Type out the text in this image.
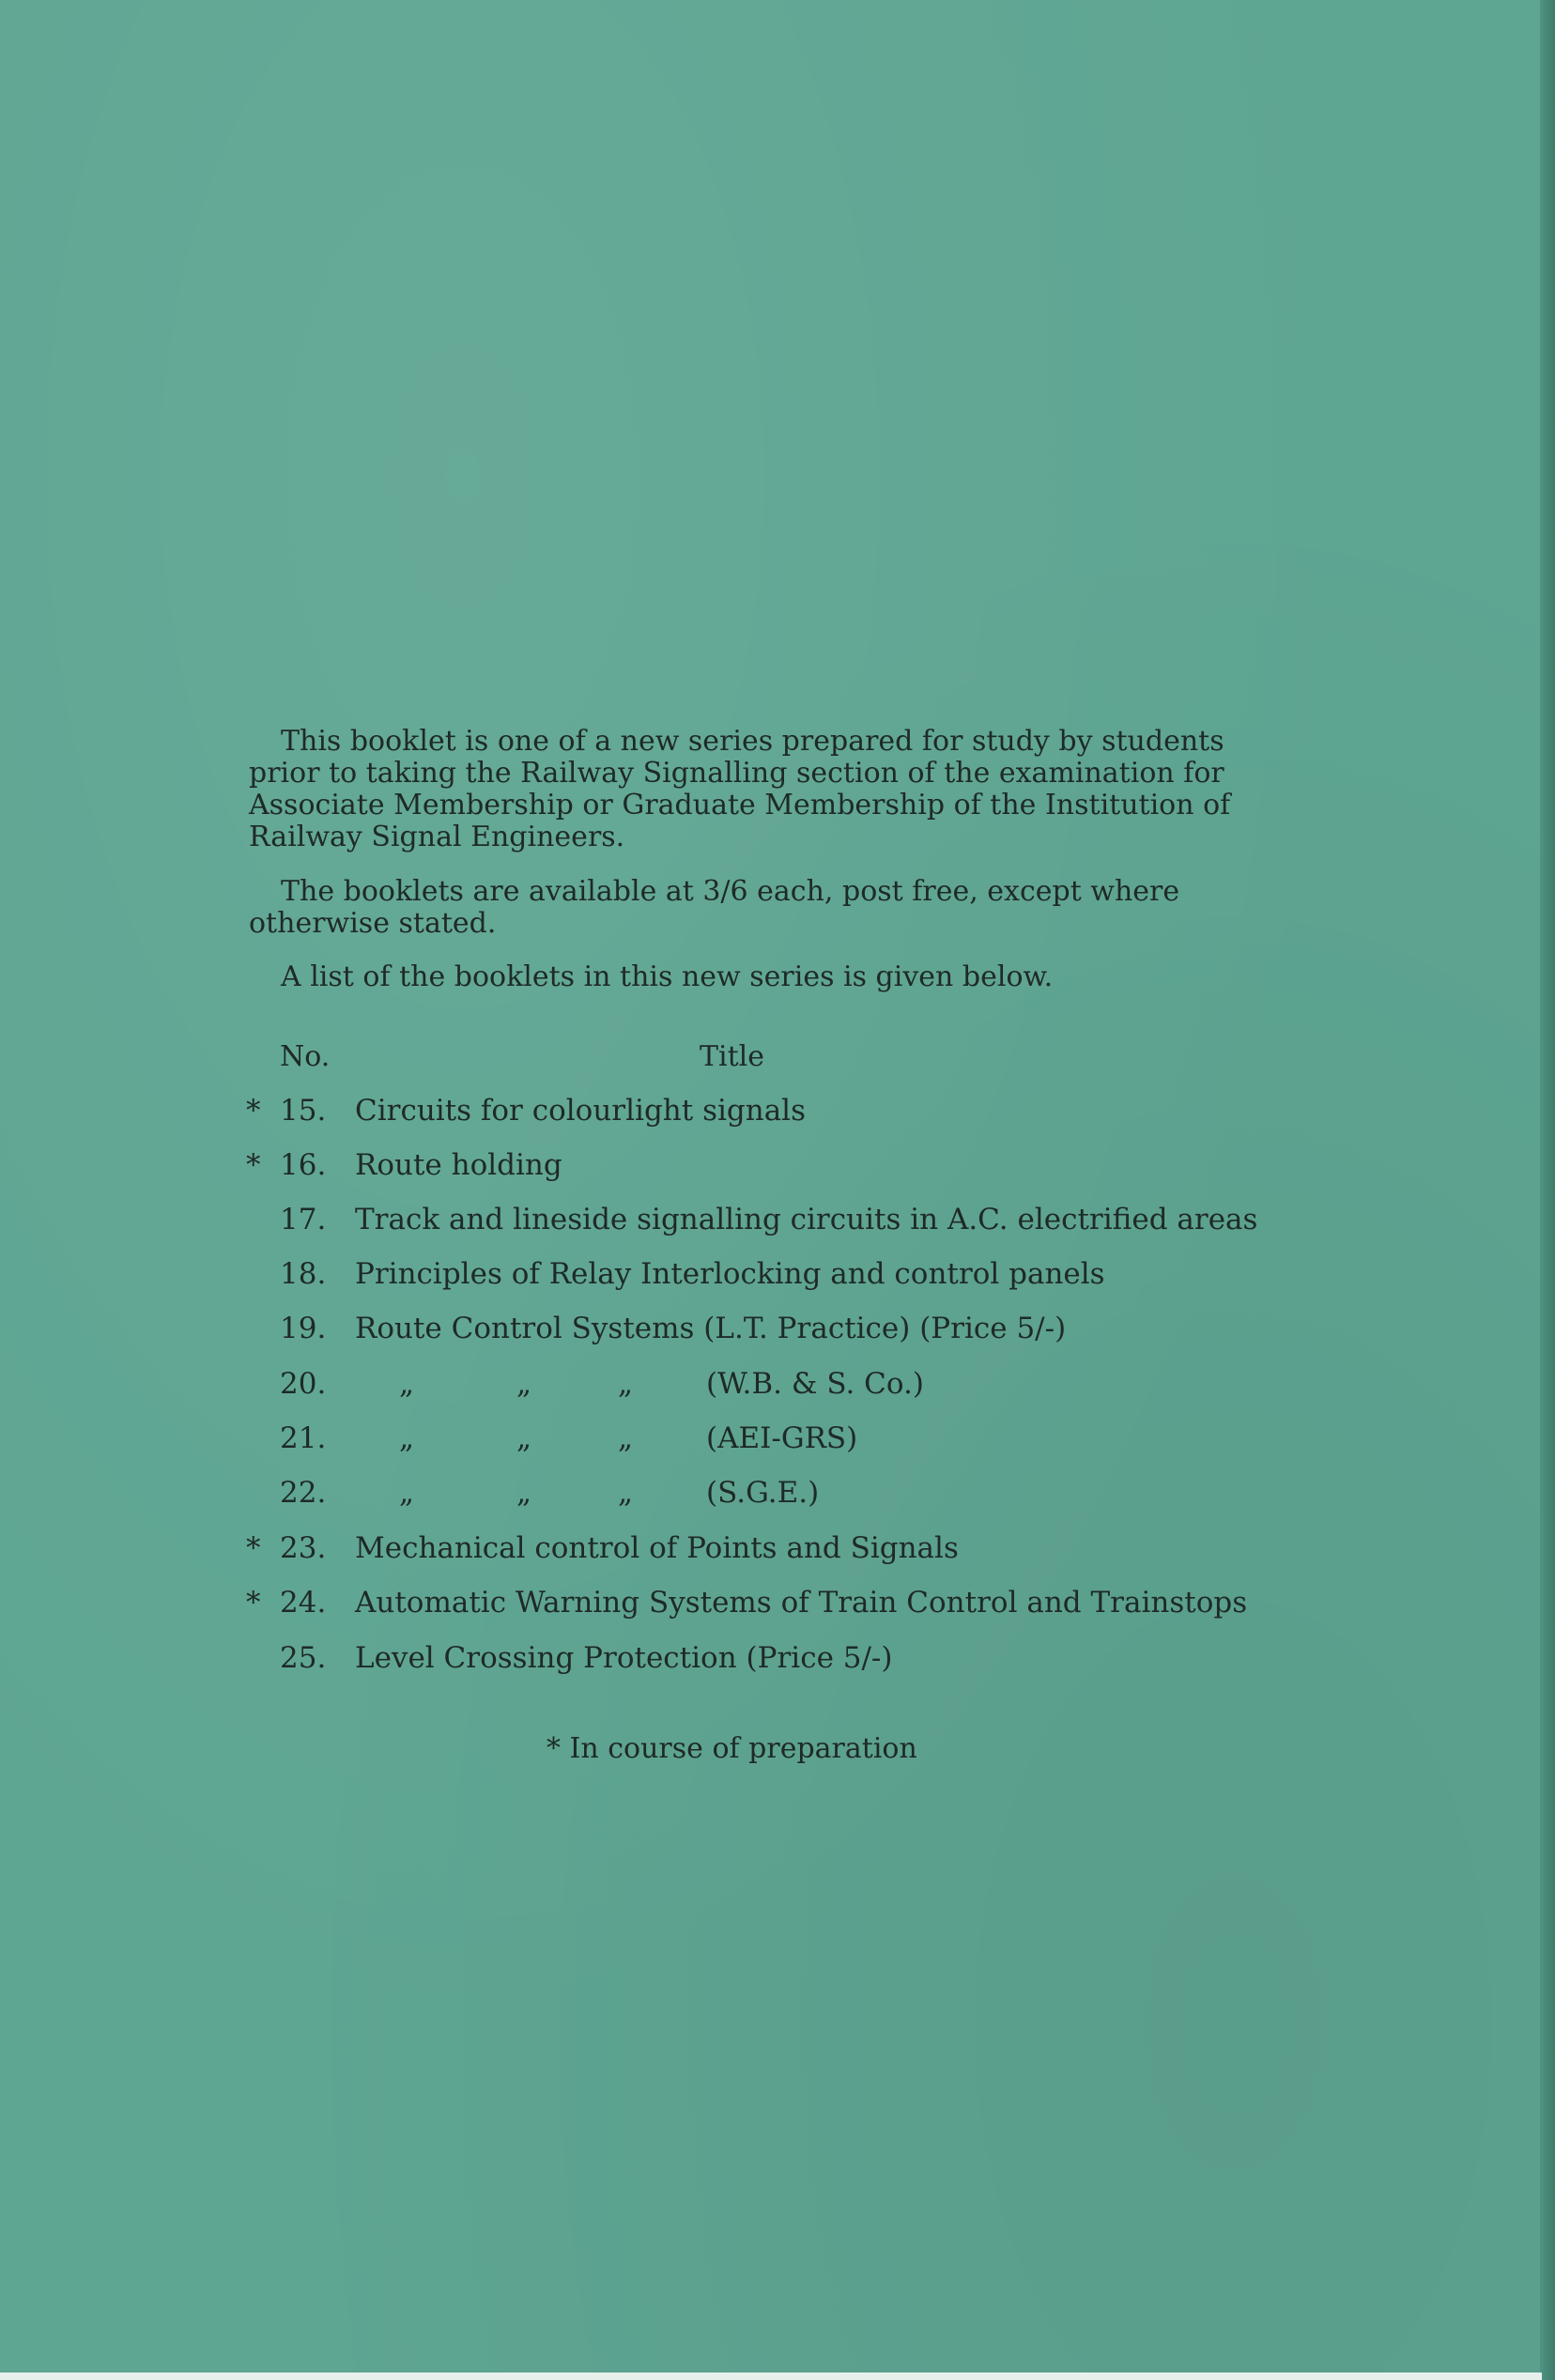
This booklet is one of a new series prepared for study by students prior to taking the Railway Signalling section of the examination for Associate Membership or Graduate Membership of the Institution of Railway Signal Engineers.

The booklets are available at 3/6 each, post free, except where otherwise stated.

A list of the booklets in this new series is given below.

No.	Title
* 15. Circuits for colourlight signals
* 16. Route holding
17. Track and lineside signalling circuits in A.C. electrified areas
18. Principles of Relay Interlocking and control panels
19. Route Control Systems (L.T. Practice) (Price 5/-)
20.	„	„	„	(W.B. & S. Co.)
21.	„	„	„	(AEI-GRS)
22.	„	„	„	(S.G.E.)
* 23. Mechanical control of Points and Signals
* 24. Automatic Warning Systems of Train Control and Trainstops
25. Level Crossing Protection (Price 5/-)
* In course of preparation
